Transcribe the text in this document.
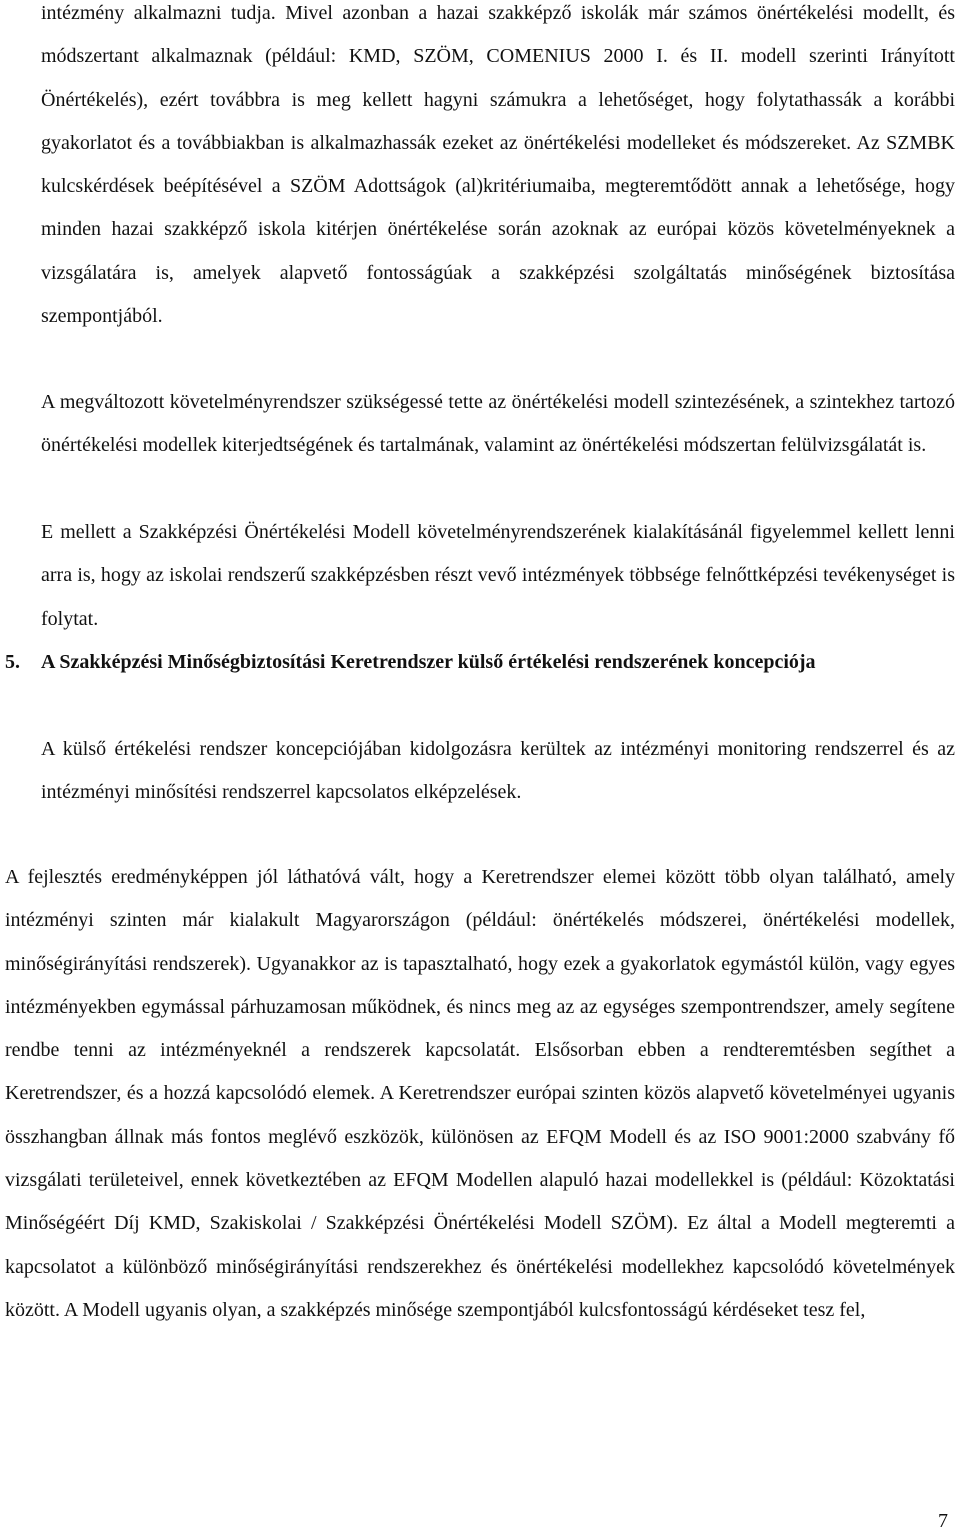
intézmény alkalmazni tudja. Mivel azonban a hazai szakképző iskolák már számos önértékelési modellt, és módszertant alkalmaznak (például: KMD, SZÖM, COMENIUS 2000 I. és II. modell szerinti Irányított Önértékelés), ezért továbbra is meg kellett hagyni számukra a lehetőséget, hogy folytathassák a korábbi gyakorlatot és a továbbiakban is alkalmazhassák ezeket az önértékelési modelleket és módszereket. Az SZMBK kulcskérdések beépítésével a SZÖM Adottságok (al)kritériumaiba, megteremtődött annak a lehetősége, hogy minden hazai szakképző iskola kitérjen önértékelése során azoknak az európai közös követelményeknek a vizsgálatára is, amelyek alapvető fontosságúak a szakképzési szolgáltatás minőségének biztosítása szempontjából.

A megváltozott követelményrendszer szükségessé tette az önértékelési modell szintezésének, a szintekhez tartozó önértékelési modellek kiterjedtségének és tartalmának, valamint az önértékelési módszertan felülvizsgálatát is.

E mellett a Szakképzési Önértékelési Modell követelményrendszerének kialakításánál figyelemmel kellett lenni arra is, hogy az iskolai rendszerű szakképzésben részt vevő intézmények többsége felnőttképzési tevékenységet is folytat.

5. A Szakképzési Minőségbiztosítási Keretrendszer külső értékelési rendszerének koncepciója

A külső értékelési rendszer koncepciójában kidolgozásra kerültek az intézményi monitoring rendszerrel és az intézményi minősítési rendszerrel kapcsolatos elképzelések.

A fejlesztés eredményképpen jól láthatóvá vált, hogy a Keretrendszer elemei között több olyan található, amely intézményi szinten már kialakult Magyarországon (például: önértékelés módszerei, önértékelési modellek, minőségirányítási rendszerek). Ugyanakkor az is tapasztalható, hogy ezek a gyakorlatok egymástól külön, vagy egyes intézményekben egymással párhuzamosan működnek, és nincs meg az az egységes szempontrendszer, amely segítene rendbe tenni az intézményeknél a rendszerek kapcsolatát. Elsősorban ebben a rendteremtésben segíthet a Keretrendszer, és a hozzá kapcsolódó elemek. A Keretrendszer európai szinten közös alapvető követelményei ugyanis összhangban állnak más fontos meglévő eszközök, különösen az EFQM Modell és az ISO 9001:2000 szabvány fő vizsgálati területeivel, ennek következtében az EFQM Modellen alapuló hazai modellekkel is (például: Közoktatási Minőségéért Díj KMD, Szakiskolai / Szakképzési Önértékelési Modell SZÖM). Ez által a Modell megteremti a kapcsolatot a különböző minőségirányítási rendszerekhez és önértékelési modellekhez kapcsolódó követelmények között. A Modell ugyanis olyan, a szakképzés minősége szempontjából kulcsfontosságú kérdéseket tesz fel,

7
